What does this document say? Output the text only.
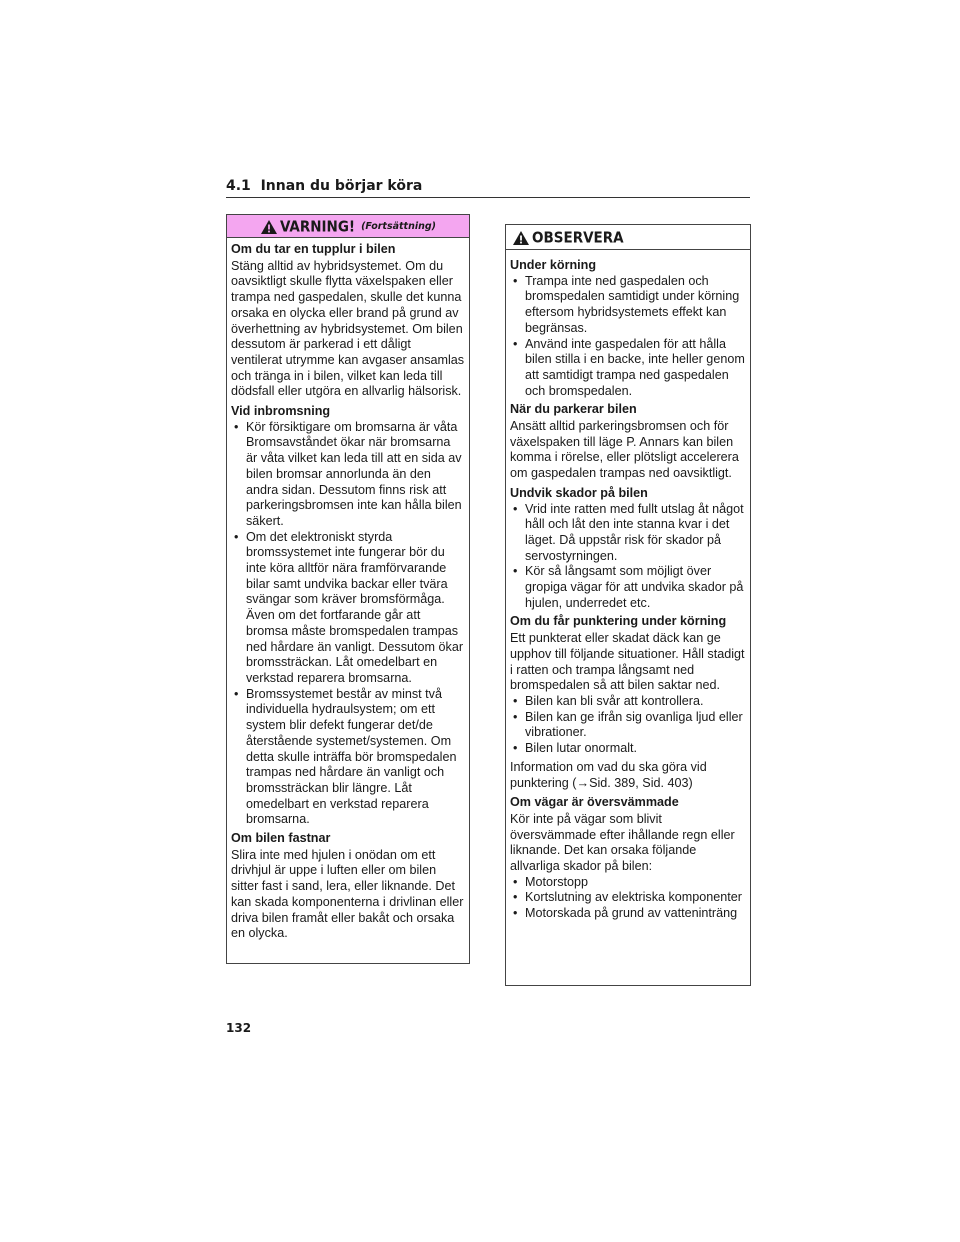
4.1 Innan du börjar köra
VARNING! (Fortsättning)
Om du tar en tupplur i bilen
Stäng alltid av hybridsystemet. Om du oavsiktligt skulle flytta växelspaken eller trampa ned gaspedalen, skulle det kunna orsaka en olycka eller brand på grund av överhettning av hybridsystemet. Om bilen dessutom är parkerad i ett dåligt ventilerat utrymme kan avgaser ansamlas och tränga in i bilen, vilket kan leda till dödsfall eller utgöra en allvarlig hälsorisk.
Vid inbromsning
• Kör försiktigare om bromsarna är våta Bromsavståndet ökar när bromsarna är våta vilket kan leda till att en sida av bilen bromsar annorlunda än den andra sidan. Dessutom finns risk att parkeringsbromsen inte kan hålla bilen säkert.
• Om det elektroniskt styrda bromssystemet inte fungerar bör du inte köra alltför nära framförvarande bilar samt undvika backar eller tvära svängar som kräver bromsförmåga. Även om det fortfarande går att bromsa måste bromspedalen trampas ned hårdare än vanligt. Dessutom ökar bromssträckan. Låt omedelbart en verkstad reparera bromsarna.
• Bromssystemet består av minst två individuella hydraulsystem; om ett system blir defekt fungerar det/de återstående systemet/systemen. Om detta skulle inträffa bör bromspedalen trampas ned hårdare än vanligt och bromssträckan blir längre. Låt omedelbart en verkstad reparera bromsarna.
Om bilen fastnar
Slira inte med hjulen i onödan om ett drivhjul är uppe i luften eller om bilen sitter fast i sand, lera, eller liknande. Det kan skada komponenterna i drivlinan eller driva bilen framåt eller bakåt och orsaka en olycka.
OBSERVERA
Under körning
• Trampa inte ned gaspedalen och bromspedalen samtidigt under körning eftersom hybridsystemets effekt kan begränsas.
• Använd inte gaspedalen för att hålla bilen stilla i en backe, inte heller genom att samtidigt trampa ned gaspedalen och bromspedalen.
När du parkerar bilen
Ansätt alltid parkeringsbromsen och för växelspaken till läge P. Annars kan bilen komma i rörelse, eller plötsligt accelerera om gaspedalen trampas ned oavsiktligt.
Undvik skador på bilen
• Vrid inte ratten med fullt utslag åt något håll och låt den inte stanna kvar i det läget. Då uppstår risk för skador på servostyrningen.
• Kör så långsamt som möjligt över gropiga vägar för att undvika skador på hjulen, underredet etc.
Om du får punktering under körning
Ett punkterat eller skadat däck kan ge upphov till följande situationer. Håll stadigt i ratten och trampa långsamt ned bromspedalen så att bilen saktar ned.
• Bilen kan bli svår att kontrollera.
• Bilen kan ge ifrån sig ovanliga ljud eller vibrationer.
• Bilen lutar onormalt.
Information om vad du ska göra vid punktering (→Sid. 389, Sid. 403)
Om vägar är översvämmade
Kör inte på vägar som blivit översvämmade efter ihållande regn eller liknande. Det kan orsaka följande allvarliga skador på bilen:
• Motorstopp
• Kortslutning av elektriska komponenter
• Motorskada på grund av vatteninträng
132
